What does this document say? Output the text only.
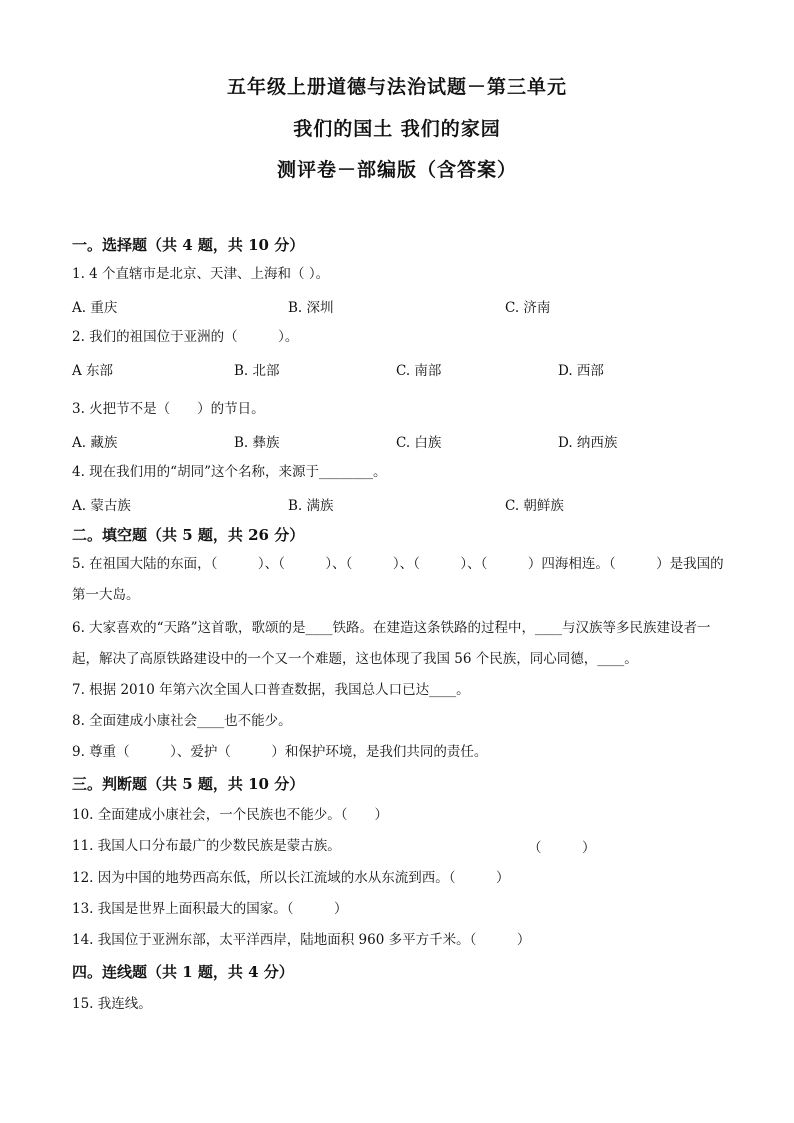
五年级上册道德与法治试题－第三单元
我们的国土 我们的家园
测评卷－部编版（含答案）
一。选择题（共 4 题，共 10 分）
1. 4 个直辖市是北京、天津、上海和（ ）。
A. 重庆	B. 深圳	C. 济南
2. 我们的祖国位于亚洲的（　　　）。
A 东部	B. 北部	C. 南部	D. 西部
3. 火把节不是（　　）的节日。
A. 藏族	B. 彝族	C. 白族	D. 纳西族
4. 现在我们用的“胡同”这个名称，来源于________。
A. 蒙古族	B. 满族	C. 朝鲜族
二。填空题（共 5 题，共 26 分）
5. 在祖国大陆的东面，（　　　）、（　　　）、（　　　）、（　　　）、（　　　）四海相连。（　　　）是我国的第一大岛。
6. 大家喜欢的“天路”这首歌，歌颂的是____铁路。在建造这条铁路的过程中，____与汉族等多民族建设者一起，解决了高原铁路建设中的一个又一个难题，这也体现了我国 56 个民族，同心同德，____。
7. 根据 2010 年第六次全国人口普查数据，我国总人口已达____。
8. 全面建成小康社会____也不能少。
9. 尊重（　　　）、爱护（　　　）和保护环境，是我们共同的责任。
三。判断题（共 5 题，共 10 分）
10. 全面建成小康社会，一个民族也不能少。（　　）
11. 我国人口分布最广的少数民族是蒙古族。	（　　　）
12. 因为中国的地势西高东低，所以长江流域的水从东流到西。（　　　）
13. 我国是世界上面积最大的国家。（　　　）
14. 我国位于亚洲东部，太平洋西岸，陆地面积 960 多平方千米。（　　　）
四。连线题（共 1 题，共 4 分）
15. 我连线。
